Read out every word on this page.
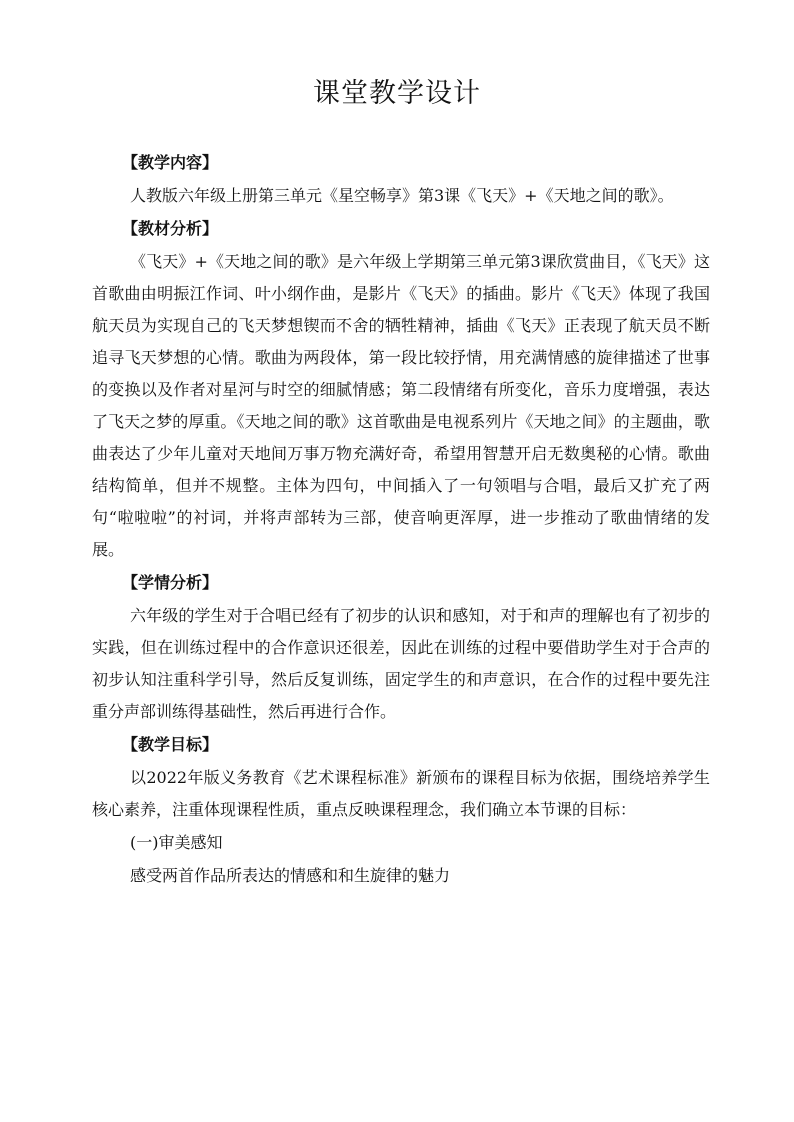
课堂教学设计
【教学内容】

人教版六年级上册第三单元《星空畅享》第3课《飞天》+《天地之间的歌》。

【教材分析】

《飞天》+《天地之间的歌》是六年级上学期第三单元第3课欣赏曲目，《飞天》这首歌曲由明振江作词、叶小纲作曲，是影片《飞天》的插曲。影片《飞天》体现了我国航天员为实现自己的飞天梦想锲而不舍的牺牲精神，插曲《飞天》正表现了航天员不断追寻飞天梦想的心情。歌曲为两段体，第一段比较抒情，用充满情感的旋律描述了世事的变换以及作者对星河与时空的细腻情感；第二段情绪有所变化，音乐力度增强，表达了飞天之梦的厚重。《天地之间的歌》这首歌曲是电视系列片《天地之间》的主题曲，歌曲表达了少年儿童对天地间万事万物充满好奇，希望用智慧开启无数奥秘的心情。歌曲结构简单，但并不规整。主体为四句，中间插入了一句领唱与合唱，最后又扩充了两句“啦啦啦”的衬词，并将声部转为三部，使音响更浑厚，进一步推动了歌曲情绪的发展。

【学情分析】

六年级的学生对于合唱已经有了初步的认识和感知，对于和声的理解也有了初步的实践，但在训练过程中的合作意识还很差，因此在训练的过程中要借助学生对于合声的初步认知注重科学引导，然后反复训练，固定学生的和声意识，在合作的过程中要先注重分声部训练得基础性，然后再进行合作。

【教学目标】

以2022年版义务教育《艺术课程标准》新颁布的课程目标为依据，围绕培养学生核心素养，注重体现课程性质，重点反映课程理念，我们确立本节课的目标：

(一)审美感知

感受两首作品所表达的情感和和生旋律的魅力
